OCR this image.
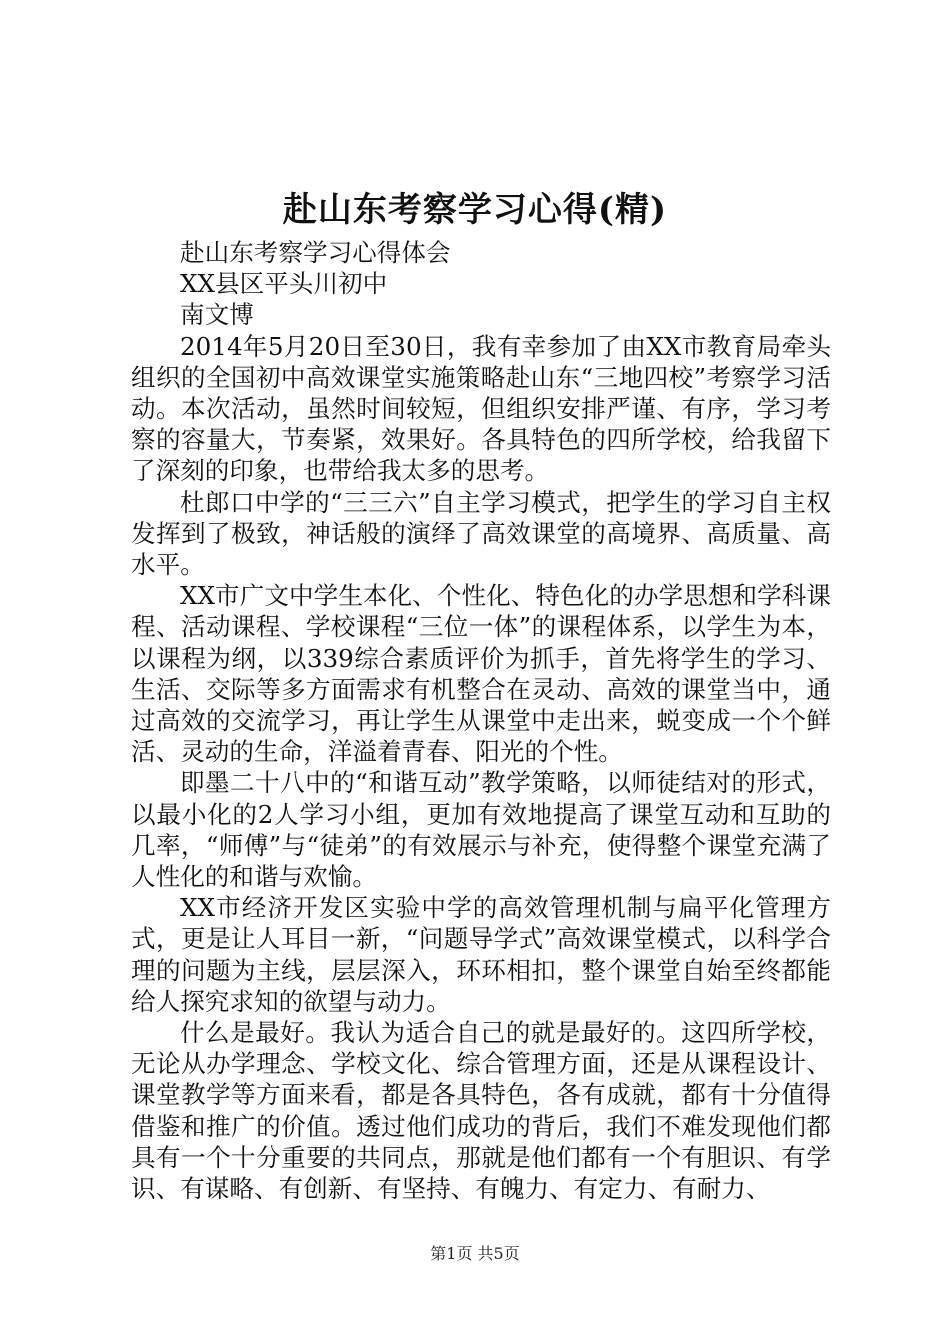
赴山东考察学习心得(精)

赴山东考察学习心得体会

XX县区平头川初中

南文博

2014年5月20日至30日，我有幸参加了由XX市教育局牵头组织的全国初中高效课堂实施策略赴山东“三地四校”考察学习活动。本次活动，虽然时间较短，但组织安排严谨、有序，学习考察的容量大，节奏紧，效果好。各具特色的四所学校，给我留下了深刻的印象，也带给我太多的思考。

杜郎口中学的“三三六”自主学习模式，把学生的学习自主权发挥到了极致，神话般的演绎了高效课堂的高境界、高质量、高水平。

XX市广文中学生本化、个性化、特色化的办学思想和学科课程、活动课程、学校课程“三位一体”的课程体系，以学生为本，以课程为纲，以339综合素质评价为抓手，首先将学生的学习、生活、交际等多方面需求有机整合在灵动、高效的课堂当中，通过高效的交流学习，再让学生从课堂中走出来，蜕变成一个个鲜活、灵动的生命，洋溢着青春、阳光的个性。

即墨二十八中的“和谐互动”教学策略，以师徒结对的形式，以最小化的2人学习小组，更加有效地提高了课堂互动和互助的几率，“师傅”与“徒弟”的有效展示与补充，使得整个课堂充满了人性化的和谐与欢愉。

XX市经济开发区实验中学的高效管理机制与扁平化管理方式，更是让人耳目一新，“问题导学式”高效课堂模式，以科学合理的问题为主线，层层深入，环环相扣，整个课堂自始至终都能给人探究求知的欲望与动力。

什么是最好。我认为适合自己的就是最好的。这四所学校，无论从办学理念、学校文化、综合管理方面，还是从课程设计、课堂教学等方面来看，都是各具特色，各有成就，都有十分值得借鉴和推广的价值。透过他们成功的背后，我们不难发现他们都具有一个十分重要的共同点，那就是他们都有一个有胆识、有学识、有谋略、有创新、有坚持、有魄力、有定力、有耐力、

第1页 共5页
